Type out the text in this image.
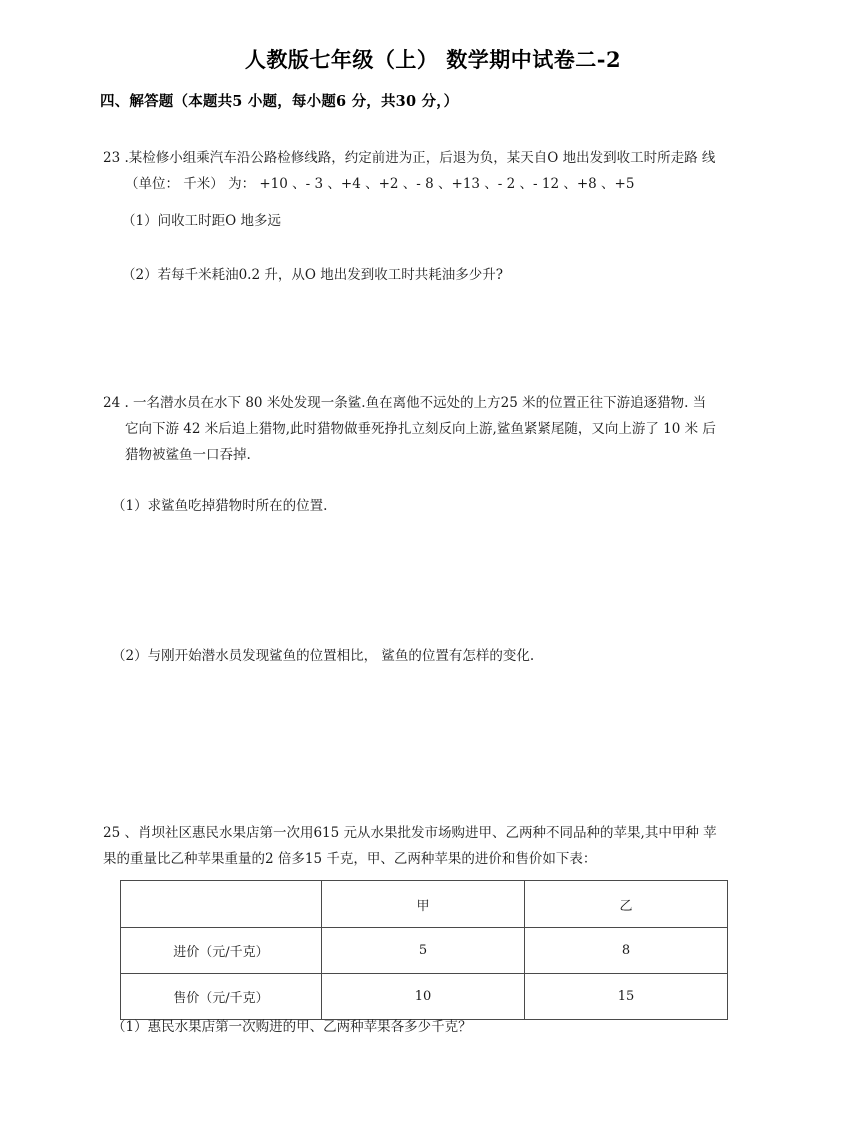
人教版七年级（上） 数学期中试卷二-2
四、解答题（本题共5 小题，每小题6 分，共30 分，）
23 .某检修小组乘汽车沿公路检修线路，约定前进为正，后退为负，某天自O 地出发到收工时所走路 线
（单位： 千米） 为： +10 、- 3 、+4 、+2 、- 8 、+13 、- 2 、- 12 、+8 、+5
（1）问收工时距O 地多远
（2）若每千米耗油0.2 升，从O 地出发到收工时共耗油多少升?
24 . 一名潜水员在水下 80 米处发现一条鲨.鱼在离他不远处的上方25 米的位置正往下游追逐猎物. 当
它向下游 42 米后追上猎物,此时猎物做垂死挣扎立刻反向上游,鲨鱼紧紧尾随，又向上游了 10 米 后
猎物被鲨鱼一口吞掉.
（1）求鲨鱼吃掉猎物时所在的位置.
（2）与刚开始潜水员发现鲨鱼的位置相比， 鲨鱼的位置有怎样的变化.
25 、肖坝社区惠民水果店第一次用615 元从水果批发市场购进甲、乙两种不同品种的苹果,其中甲种 苹
果的重量比乙种苹果重量的2 倍多15 千克，甲、乙两种苹果的进价和售价如下表：
	甲	乙
进价（元/千克）	5	8
售价（元/千克）	10	15
（1）惠民水果店第一次购进的甲、乙两种苹果各多少千克？
